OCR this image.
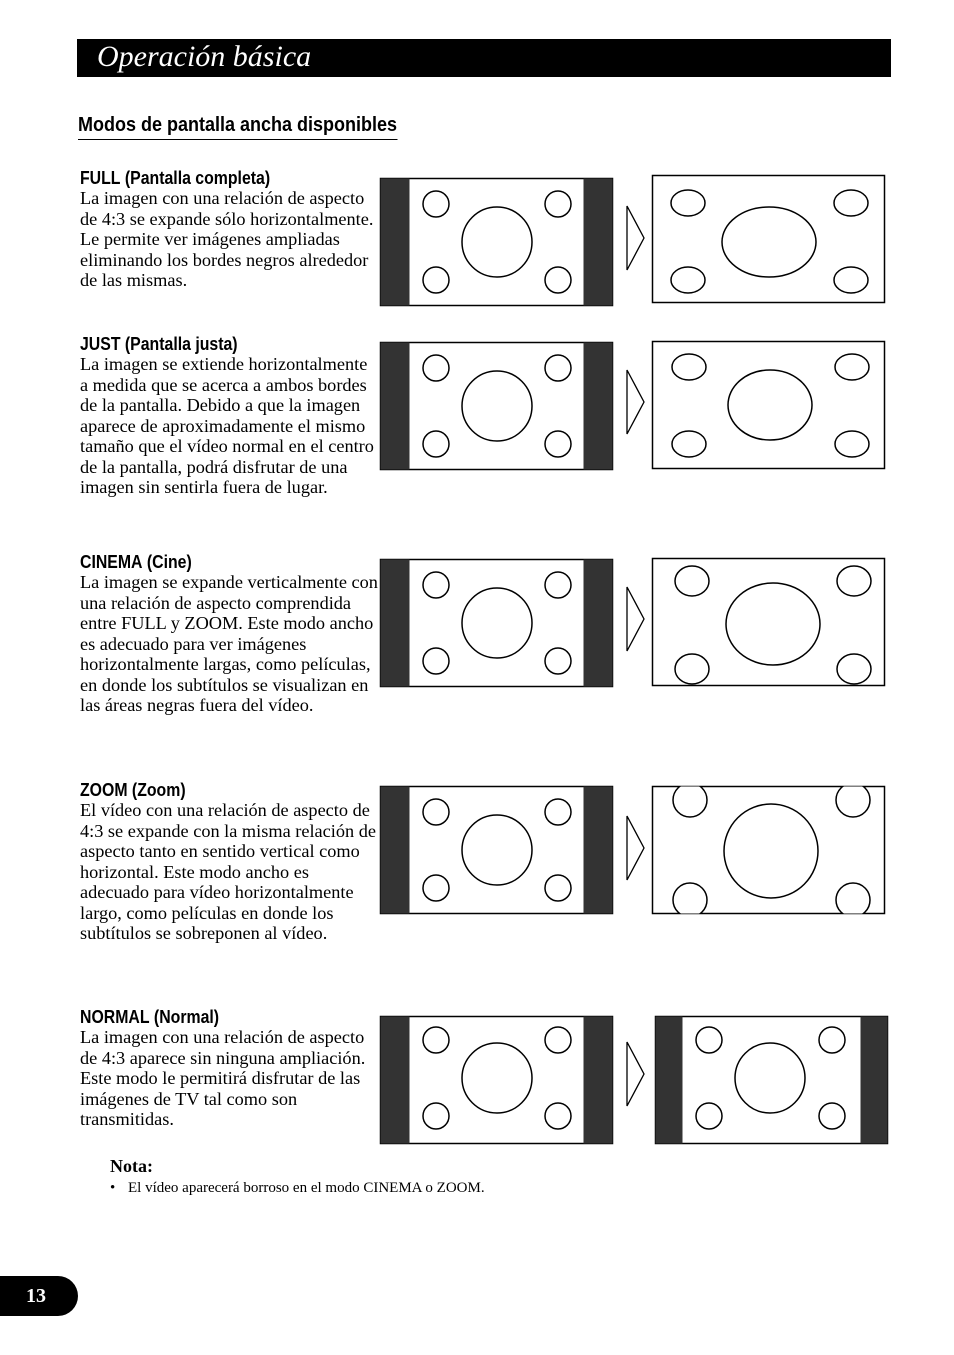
Operación básica
Modos de pantalla ancha disponibles
FULL (Pantalla completa)
La imagen con una relación de aspecto de 4:3 se expande sólo horizontalmente. Le permite ver imágenes ampliadas eliminando los bordes negros alrededor de las mismas.
JUST (Pantalla justa)
La imagen se extiende horizontalmente a medida que se acerca a ambos bordes de la pantalla. Debido a que la imagen aparece de aproximadamente el mismo tamaño que el vídeo normal en el centro de la pantalla, podrá disfrutar de una imagen sin sentirla fuera de lugar.
CINEMA (Cine)
La imagen se expande verticalmente con una relación de aspecto comprendida entre FULL y ZOOM. Este modo ancho es adecuado para ver imágenes horizontalmente largas, como películas, en donde los subtítulos se visualizan en las áreas negras fuera del vídeo.
ZOOM (Zoom)
El vídeo con una relación de aspecto de 4:3 se expande con la misma relación de aspecto tanto en sentido vertical como horizontal. Este modo ancho es adecuado para vídeo horizontalmente largo, como películas en donde los subtítulos se sobreponen al vídeo.
NORMAL (Normal)
La imagen con una relación de aspecto de 4:3 aparece sin ninguna ampliación. Este modo le permitirá disfrutar de las imágenes de TV tal como son transmitidas.
Nota:
• El vídeo aparecerá borroso en el modo CINEMA o ZOOM.
13
